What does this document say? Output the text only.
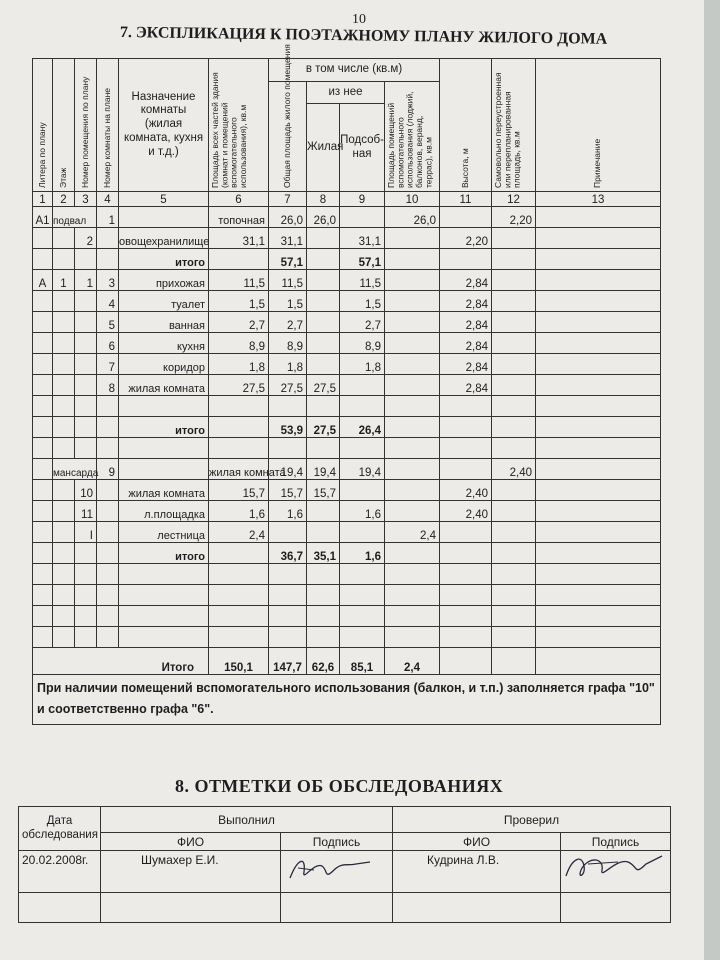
10
7. ЭКСПЛИКАЦИЯ К ПОЭТАЖНОМУ ПЛАНУ ЖИЛОГО ДОМА
Литера по плану	Этаж	Номер помещения по плану	Номер комнаты на плане	Назначение комнаты (жилая комната, кухня и т.д.)	Площадь всех частей здания (комнат и помещений вспомогательного использования), кв.м	в том числе (кв.м)				Высота, м	Самовольно переустроенная или перепланированная площадь, кв.м	Примечание

						Общая площадь жилого помещения	из нее		Площадь помещений вспомогательного использования (лоджий, балконов, веранд, террас), кв.м			

							Жилая	Подсоб-ная				
1	2	3	4	5	6	7	8	9	10	11	12	13
А1	подвал		1		топочная	26,0	26,0		26,0		2,20	
		2		овощехранилище	31,1	31,1		31,1		2,20		
				итого		57,1		57,1				
А	1	1	3	прихожая	11,5	11,5		11,5		2,84		
			4	туалет	1,5	1,5		1,5		2,84		
			5	ванная	2,7	2,7		2,7		2,84		
			6	кухня	8,9	8,9		8,9		2,84		
			7	коридор	1,8	1,8		1,8		2,84		
			8	жилая комната	27,5	27,5	27,5			2,84		

				итого		53,9	27,5	26,4				

	мансарда		9		жилая комната	19,4	19,4	19,4			2,40	
		10		жилая комната	15,7	15,7	15,7			2,40		
		11		л.площадка	1,6	1,6		1,6		2,40		
		I		лестница	2,4				2,4			
				итого		36,7	35,1	1,6				

Итого					150,1	147,7	62,6	85,1	2,4			
При наличии помещений вспомогательного использования (балкон, и т.п.) заполняется графа "10" и соответственно графа "6".												
8. ОТМЕТКИ ОБ ОБСЛЕДОВАНИЯХ
Дата обследования	Выполнил		Проверил	
	ФИО	Подпись	ФИО	Подпись
20.02.2008г.	Шумахер Е.И.		Кудрина Л.В.	
